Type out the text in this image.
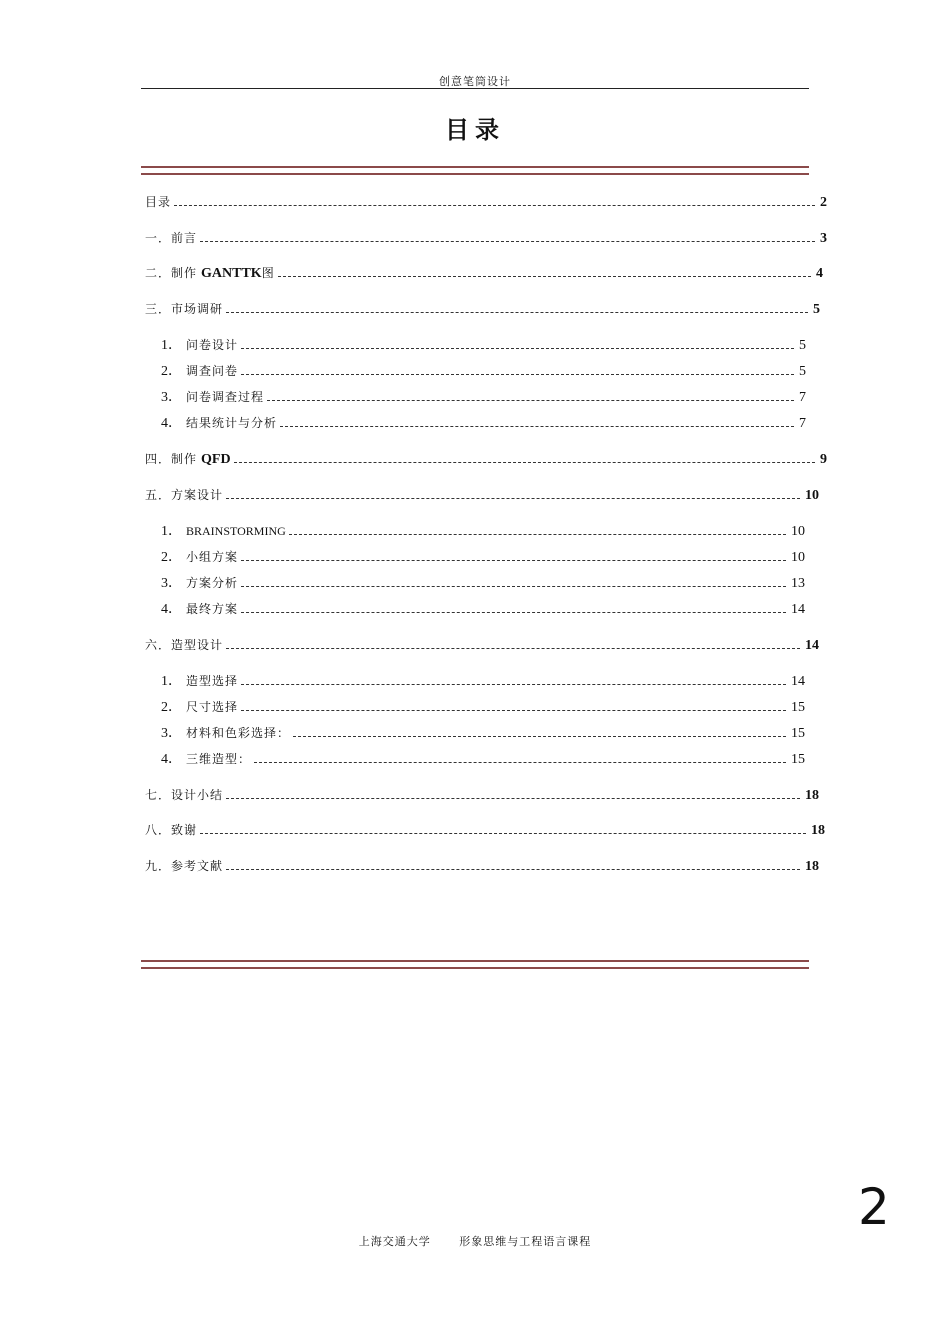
创意笔筒设计
目录
目录	2
一．前言	3
二．制作 GANTTK 图	4
三．市场调研	5
1． 问卷设计	5
2． 调查问卷	5
3． 问卷调查过程	7
4． 结果统计与分析	7
四．制作 QFD	9
五．方案设计	10
1． BRAINSTORMING	10
2． 小组方案	10
3． 方案分析	13
4． 最终方案	14
六．造型设计	14
1． 造型选择	14
2． 尺寸选择	15
3． 材料和色彩选择：	15
4． 三维造型：	15
七．设计小结	18
八．致谢	18
九．参考文献	18
2
上海交通大学	形象思维与工程语言课程
